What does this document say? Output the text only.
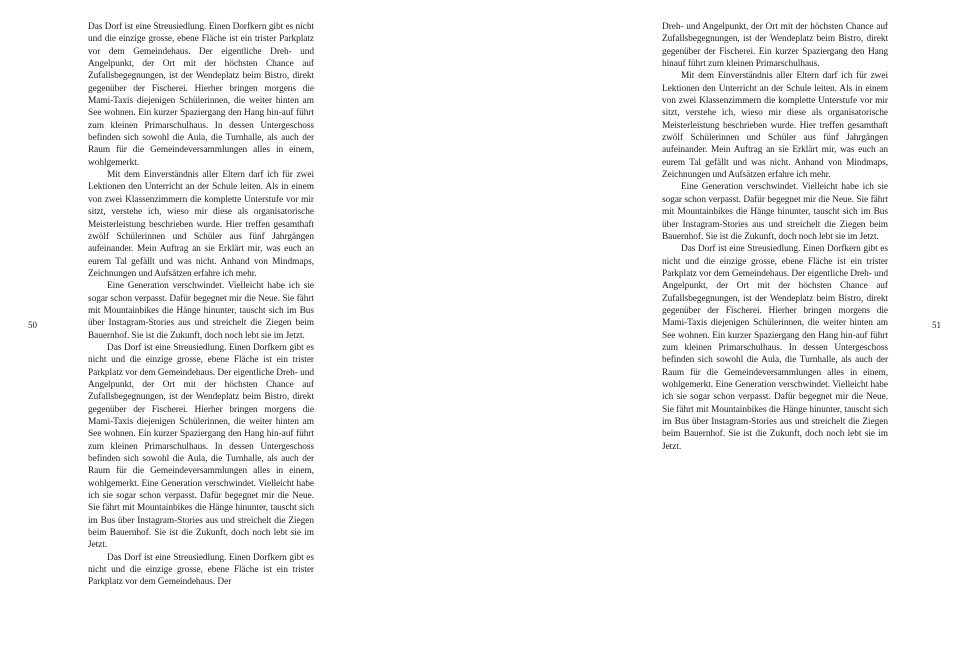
Das Dorf ist eine Streusiedlung. Einen Dorfkern gibt es nicht und die einzige grosse, ebene Fläche ist ein trister Parkplatz vor dem Gemeindehaus. Der eigentliche Dreh- und Angelpunkt, der Ort mit der höchsten Chance auf Zufallsbegegnungen, ist der Wendeplatz beim Bistro, direkt gegenüber der Fischerei. Hierher bringen morgens die Mami-Taxis diejenigen Schülerinnen, die weiter hinten am See wohnen. Ein kurzer Spaziergang den Hang hin-auf führt zum kleinen Primarschulhaus. In dessen Untergeschoss befinden sich sowohl die Aula, die Turnhalle, als auch der Raum für die Gemeindeversammlungen alles in einem, wohlgemerkt.

Mit dem Einverständnis aller Eltern darf ich für zwei Lektionen den Unterricht an der Schule leiten. Als in einem von zwei Klassenzimmern die komplette Unterstufe vor mir sitzt, verstehe ich, wieso mir diese als organisatorische Meisterleistung beschrieben wurde. Hier treffen gesamthaft zwölf Schülerinnen und Schüler aus fünf Jahrgängen aufeinander. Mein Auftrag an sie Erklärt mir, was euch an eurem Tal gefällt und was nicht. Anhand von Mindmaps, Zeichnungen und Aufsätzen erfahre ich mehr.

Eine Generation verschwindet. Vielleicht habe ich sie sogar schon verpasst. Dafür begegnet mir die Neue. Sie fährt mit Mountainbikes die Hänge hinunter, tauscht sich im Bus über Instagram-Stories aus und streichelt die Ziegen beim Bauernhof. Sie ist die Zukunft, doch noch lebt sie im Jetzt.

Das Dorf ist eine Streusiedlung. Einen Dorfkern gibt es nicht und die einzige grosse, ebene Fläche ist ein trister Parkplatz vor dem Gemeindehaus. Der eigentliche Dreh- und Angelpunkt, der Ort mit der höchsten Chance auf Zufallsbegegnungen, ist der Wendeplatz beim Bistro, direkt gegenüber der Fischerei. Hierher bringen morgens die Mami-Taxis diejenigen Schülerinnen, die weiter hinten am See wohnen. Ein kurzer Spaziergang den Hang hin-auf führt zum kleinen Primarschulhaus. In dessen Untergeschoss befinden sich sowohl die Aula, die Turnhalle, als auch der Raum für die Gemeindeversammlungen alles in einem, wohlgemerkt. Eine Generation verschwindet. Vielleicht habe ich sie sogar schon verpasst. Dafür begegnet mir die Neue. Sie fährt mit Mountainbikes die Hänge hinunter, tauscht sich im Bus über Instagram-Stories aus und streichelt die Ziegen beim Bauernhof. Sie ist die Zukunft, doch noch lebt sie im Jetzt.

Das Dorf ist eine Streusiedlung. Einen Dorfkern gibt es nicht und die einzige grosse, ebene Fläche ist ein trister Parkplatz vor dem Gemeindehaus. Der

50

Dreh- und Angelpunkt, der Ort mit der höchsten Chance auf Zufallsbegegnungen, ist der Wendeplatz beim Bistro, direkt gegenüber der Fischerei. Ein kurzer Spaziergang den Hang hinauf führt zum kleinen Primarschulhaus.

Mit dem Einverständnis aller Eltern darf ich für zwei Lektionen den Unterricht an der Schule leiten. Als in einem von zwei Klassenzimmern die komplette Unterstufe vor mir sitzt, verstehe ich, wieso mir diese als organisatorische Meisterleistung beschrieben wurde. Hier treffen gesamthaft zwölf Schülerinnen und Schüler aus fünf Jahrgängen aufeinander. Mein Auftrag an sie Erklärt mir, was euch an eurem Tal gefällt und was nicht. Anhand von Mindmaps, Zeichnungen und Aufsätzen erfahre ich mehr.

Eine Generation verschwindet. Vielleicht habe ich sie sogar schon verpasst. Dafür begegnet mir die Neue. Sie fährt mit Mountainbikes die Hänge hinunter, tauscht sich im Bus über Instagram-Stories aus und streichelt die Ziegen beim Bauernhof. Sie ist die Zukunft, doch noch lebt sie im Jetzt.

Das Dorf ist eine Streusiedlung. Einen Dorfkern gibt es nicht und die einzige grosse, ebene Fläche ist ein trister Parkplatz vor dem Gemeindehaus. Der eigentliche Dreh- und Angelpunkt, der Ort mit der höchsten Chance auf Zufallsbegegnungen, ist der Wendeplatz beim Bistro, direkt gegenüber der Fischerei. Hierher bringen morgens die Mami-Taxis diejenigen Schülerinnen, die weiter hinten am See wohnen. Ein kurzer Spaziergang den Hang hin-auf führt zum kleinen Primarschulhaus. In dessen Untergeschoss befinden sich sowohl die Aula, die Turnhalle, als auch der Raum für die Gemeindeversammlungen alles in einem, wohlgemerkt. Eine Generation verschwindet. Vielleicht habe ich sie sogar schon verpasst. Dafür begegnet mir die Neue. Sie fährt mit Mountainbikes die Hänge hinunter, tauscht sich im Bus über Instagram-Stories aus und streichelt die Ziegen beim Bauernhof. Sie ist die Zukunft, doch noch lebt sie im Jetzt.

51
